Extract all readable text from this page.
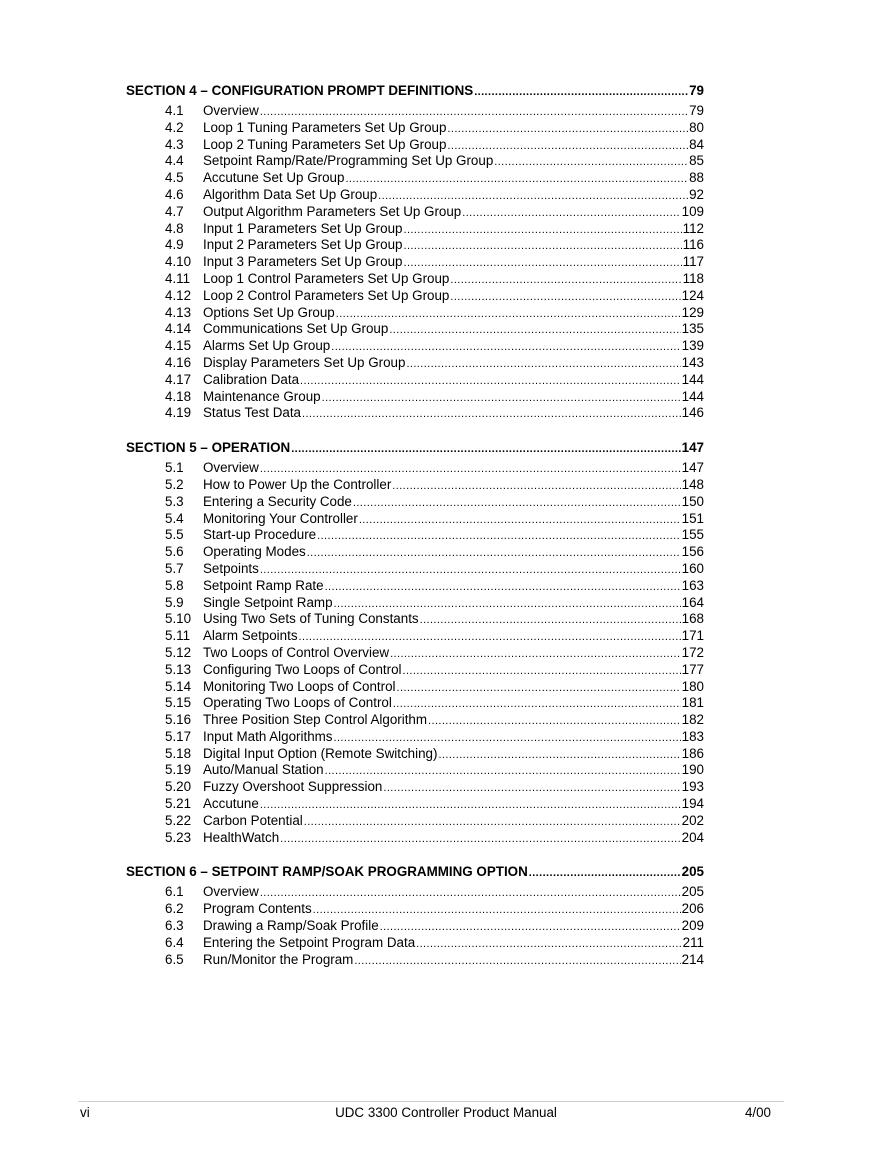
SECTION 4 – CONFIGURATION PROMPT DEFINITIONS .....	79
4.1	Overview .....	79
4.2	Loop 1 Tuning Parameters Set Up Group .....	80
4.3	Loop 2 Tuning Parameters Set Up Group .....	84
4.4	Setpoint Ramp/Rate/Programming Set Up Group .....	85
4.5	Accutune Set Up Group .....	88
4.6	Algorithm Data Set Up Group .....	92
4.7	Output Algorithm Parameters Set Up Group .....	109
4.8	Input 1 Parameters Set Up Group .....	112
4.9	Input 2 Parameters Set Up Group .....	116
4.10 Input 3 Parameters Set Up Group .....	117
4.11 Loop 1 Control Parameters Set Up Group .....	118
4.12 Loop 2 Control Parameters Set Up Group .....	124
4.13 Options Set Up Group .....	129
4.14 Communications Set Up Group .....	135
4.15 Alarms Set Up Group .....	139
4.16 Display Parameters Set Up Group .....	143
4.17 Calibration Data .....	144
4.18 Maintenance Group .....	144
4.19 Status Test Data .....	146
SECTION 5 – OPERATION .....	147
5.1	Overview .....	147
5.2	How to Power Up the Controller .....	148
5.3	Entering a Security Code .....	150
5.4	Monitoring Your Controller .....	151
5.5	Start-up Procedure .....	155
5.6	Operating Modes .....	156
5.7	Setpoints .....	160
5.8	Setpoint Ramp Rate .....	163
5.9	Single Setpoint Ramp .....	164
5.10 Using Two Sets of Tuning Constants .....	168
5.11 Alarm Setpoints .....	171
5.12 Two Loops of Control Overview .....	172
5.13 Configuring Two Loops of Control .....	177
5.14 Monitoring Two Loops of Control .....	180
5.15 Operating Two Loops of Control .....	181
5.16 Three Position Step Control Algorithm .....	182
5.17 Input Math Algorithms .....	183
5.18 Digital Input Option (Remote Switching) .....	186
5.19 Auto/Manual Station .....	190
5.20 Fuzzy Overshoot Suppression .....	193
5.21 Accutune .....	194
5.22 Carbon Potential .....	202
5.23 HealthWatch .....	204
SECTION 6 – SETPOINT RAMP/SOAK PROGRAMMING OPTION .....	205
6.1	Overview .....	205
6.2	Program Contents .....	206
6.3	Drawing a Ramp/Soak Profile .....	209
6.4	Entering the Setpoint Program Data .....	211
6.5	Run/Monitor the Program .....	214
vi	UDC 3300 Controller Product Manual	4/00
